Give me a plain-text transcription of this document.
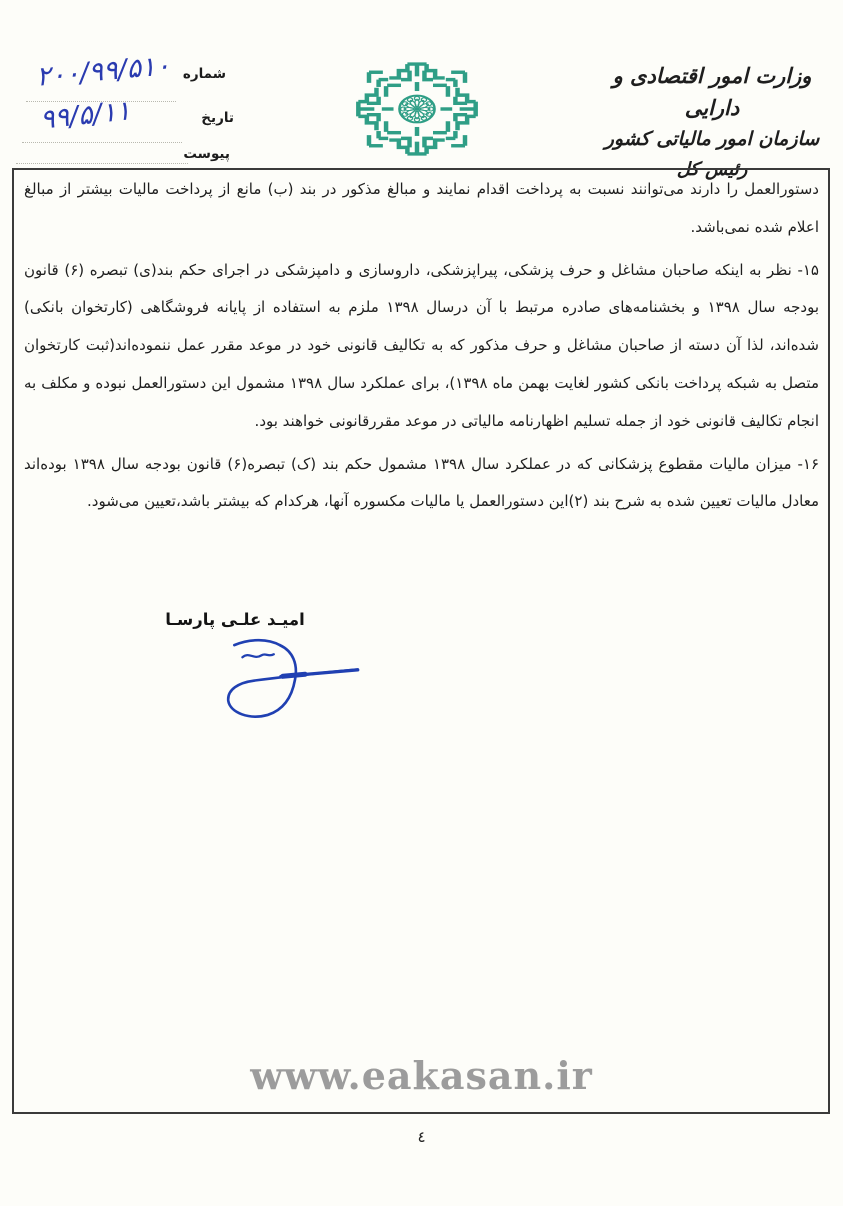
وزارت امور اقتصادی و دارایی
سازمان امور مالیاتی کشور
رئیس کل
شماره
۲۰۰/۹۹/۵۱۰
تاریخ
۹۹/۵/۱۱
پیوست

دستورالعمل را دارند می‌توانند نسبت به پرداخت اقدام نمایند و مبالغ مذکور در بند (ب) مانع از پرداخت مالیات بیشتر از مبالغ اعلام شده نمی‌باشد.

۱۵- نظر به اینکه صاحبان مشاغل و حرف پزشکی، پیراپزشکی، داروسازی و دامپزشکی در اجرای حکم بند(ی) تبصره (۶) قانون بودجه سال ۱۳۹۸ و بخشنامه‌های صادره مرتبط با آن درسال ۱۳۹۸ ملزم به استفاده از پایانه فروشگاهی (کارتخوان بانکی) شده‌اند، لذا آن دسته از صاحبان مشاغل و حرف مذکور که به تکالیف قانونی خود در موعد مقرر عمل ننموده‌اند(ثبت کارتخوان متصل به شبکه پرداخت بانکی کشور لغایت بهمن ماه ۱۳۹۸)، برای عملکرد سال ۱۳۹۸ مشمول این دستورالعمل نبوده و مکلف به انجام تکالیف قانونی خود از جمله تسلیم اظهارنامه مالیاتی در موعد مقررقانونی خواهند بود.

۱۶- میزان مالیات مقطوع پزشکانی که در عملکرد سال ۱۳۹۸ مشمول حکم بند (ک) تبصره(۶) قانون بودجه سال ۱۳۹۸ بوده‌اند معادل مالیات تعیین شده به شرح بند (۲)این دستورالعمل یا مالیات مکسوره آنها، هرکدام که بیشتر باشد،تعیین می‌شود.

امیـد علـی پارسـا
www.eakasan.ir
٤
